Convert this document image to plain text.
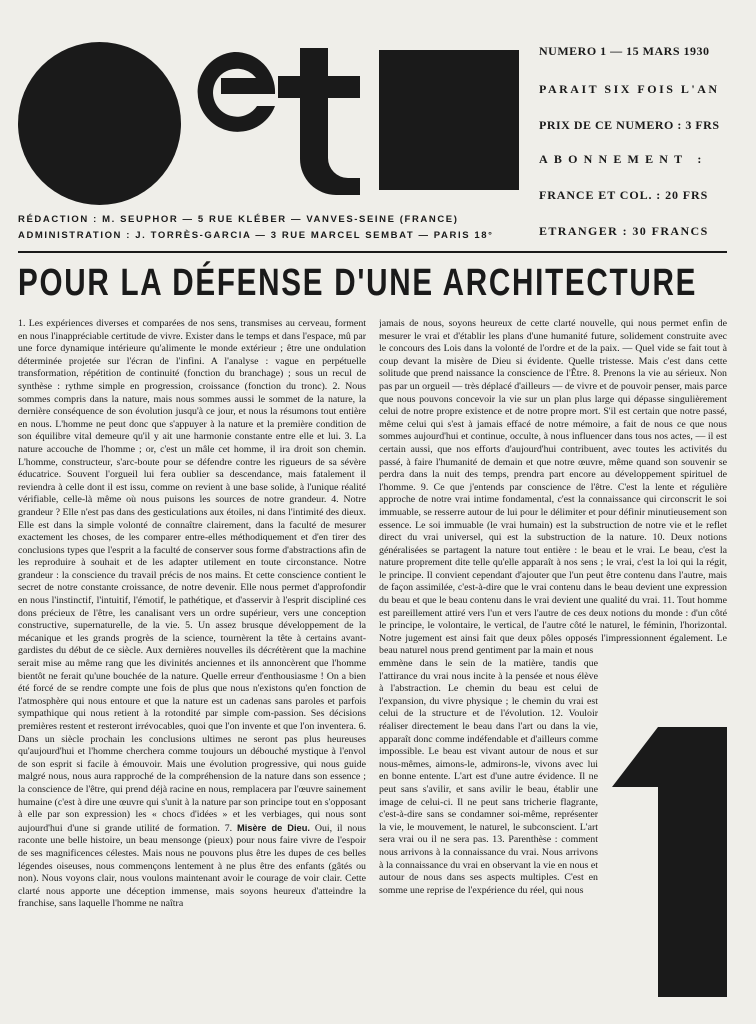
NUMERO 1 — 15 MARS 1930
PARAIT SIX FOIS L'AN
PRIX DE CE NUMERO : 3 FRS
ABONNEMENT :
FRANCE ET COL. : 20 FRS
ETRANGER : 30 FRANCS
RÉDACTION : M. SEUPHOR — 5 RUE KLÉBER — VANVES-SEINE (FRANCE)
ADMINISTRATION : J. TORRÈS-GARCIA — 3 RUE MARCEL SEMBAT — PARIS 18°
POUR LA DÉFENSE D'UNE ARCHITECTURE
1. Les expériences diverses et comparées de nos sens, transmises au cerveau, forment en nous l'inappréciable certitude de vivre. Exister dans le temps et dans l'espace, mû par une force dynamique intérieure qu'alimente le monde extérieur ; être une ondulation déterminée projetée sur l'écran de l'infini. A l'analyse : vague en perpétuelle transformation, répétition de continuité (fonction du branchage) ; sous un recul de synthèse : rythme simple en progression, croissance (fonction du tronc). 2. Nous sommes compris dans la nature, mais nous sommes aussi le sommet de la nature, la dernière conséquence de son évolution jusqu'à ce jour, et nous la résumons tout entière en nous. L'homme ne peut donc que s'appuyer à la nature et la première condition de son équilibre vital demeure qu'il y ait une harmonie constante entre elle et lui. 3. La nature accouche de l'homme ; or, c'est un mâle cet homme, il ira droit son chemin. L'homme, constructeur, s'arc-boute pour se défendre contre les rigueurs de sa sévère éducatrice. Souvent l'orgueil lui fera oublier sa descendance, mais fatalement il reviendra à celle dont il est issu, comme on revient à une base solide, à l'unique réalité vérifiable, celle-là même où nous puisons les sources de notre grandeur. 4. Notre grandeur ? Elle n'est pas dans des gesticulations aux étoiles, ni dans l'intimité des dieux. Elle est dans la simple volonté de connaître clairement, dans la faculté de mesurer exactement les choses, de les comparer entre-elles méthodiquement et d'en tirer des conclusions types que l'esprit a la faculté de conserver sous forme d'abstractions afin de les reproduire à souhait et de les adapter utilement en toute circonstance. Notre grandeur : la conscience du travail précis de nos mains. Et cette conscience contient le secret de notre constante croissance, de notre devenir. Elle nous permet d'approfondir en nous l'instinctif, l'intuitif, l'émotif, le pathétique, et d'asservir à l'esprit discipliné ces dons précieux de l'être, les canalisant vers un ordre supérieur, vers une conception constructive, supernaturelle, de la vie. 5. Un assez brusque développement de la mécanique et les grands progrès de la science, tournèrent la tête à certains avant-gardistes du début de ce siècle. Aux dernières nouvelles ils décrétèrent que la machine serait mise au même rang que les divinités anciennes et ils annoncèrent que l'homme bientôt ne ferait qu'une bouchée de la nature. Quelle erreur d'enthousiasme ! On a bien été forcé de se rendre compte une fois de plus que nous n'existons qu'en fonction de l'atmosphère qui nous entoure et que la nature est un cadenas sans paroles et parfois sympathique qui nous retient à la rotondité par simple com-passion. Ses décisions premières restent et resteront irrévocables, quoi que l'on invente et que l'on inventera. 6. Dans un siècle prochain les conclusions ultimes ne seront pas plus heureuses qu'aujourd'hui et l'homme cherchera comme toujours un débouché mystique à l'envol de son esprit si facile à émouvoir. Mais une évolution progressive, qui nous guide malgré nous, nous aura rapproché de la compréhension de la nature dans son essence ; la conscience de l'être, qui prend déjà racine en nous, remplacera par l'œuvre sainement humaine (c'est à dire une œuvre qui s'unit à la nature par son principe tout en s'opposant à elle par son expression) les « chocs d'idées » et les verbiages, qui nous sont aujourd'hui d'une si grande utilité de formation. 7. Misère de Dieu. Oui, il nous raconte une belle histoire, un beau mensonge (pieux) pour nous faire vivre de l'espoir de ses magnificences célestes. Mais nous ne pouvons plus être les dupes de ces belles légendes oiseuses, nous commençons lentement à ne plus être des enfants (gâtés ou non). Nous voyons clair, nous voulons maintenant avoir le courage de voir clair. Cette clarté nous apporte une déception immense, mais soyons heureux d'atteindre la franchise, sans laquelle l'homme ne naîtra
jamais de nous, soyons heureux de cette clarté nouvelle, qui nous permet enfin de mesurer le vrai et d'établir les plans d'une humanité future, solidement construite avec le concours des Lois dans la volonté de l'ordre et de la paix. — Quel vide se fait tout à coup devant la misère de Dieu si évidente. Quelle tristesse. Mais c'est dans cette solitude que prend naissance la conscience de l'Être. 8. Prenons la vie au sérieux. Non pas par un orgueil — très déplacé d'ailleurs — de vivre et de pouvoir penser, mais parce que nous pouvons concevoir la vie sur un plan plus large qui dépasse singulièrement celui de notre propre existence et de notre propre mort. S'il est certain que notre passé, même celui qui s'est à jamais effacé de notre mémoire, a fait de nous ce que nous sommes aujourd'hui et continue, occulte, à nous influencer dans tous nos actes, — il est certain aussi, que nos efforts d'aujourd'hui contribuent, avec toutes les activités du passé, à faire l'humanité de demain et que notre œuvre, même quand son souvenir se perdra dans la nuit des temps, prendra part encore au développement spirituel de l'homme. 9. Ce que j'entends par conscience de l'être. C'est la lente et régulière approche de notre vrai intime fondamental, c'est la connaissance qui circonscrit le soi immuable, se resserre autour de lui pour le délimiter et pour définir minutieusement son essence. Le soi immuable (le vrai humain) est la substruction de notre vie et le reflet direct du vrai universel, qui est la substruction de la nature. 10. Deux notions généralisées se partagent la nature tout entière : le beau et le vrai. Le beau, c'est la nature proprement dite telle qu'elle apparaît à nos sens ; le vrai, c'est la loi qui la régit, le principe. Il convient cependant d'ajouter que l'un peut être contenu dans l'autre, mais de façon assimilée, c'est-à-dire que le vrai contenu dans le beau devient une expression du beau et que le beau contenu dans le vrai devient une qualité du vrai. 11. Tout homme est pareillement attiré vers l'un et vers l'autre de ces deux notions du monde : d'un côté le principe, le volontaire, le vertical, de l'autre côté le naturel, le féminin, l'horizontal. Notre jugement est ainsi fait que deux pôles opposés l'impressionnent également. Le beau naturel nous prend gentiment par la main et nous
emmène dans le sein de la matière, tandis que l'attirance du vrai nous incite à la pensée et nous élève à l'abstraction. Le chemin du beau est celui de l'expansion, du vivre physique ; le chemin du vrai est celui de la structure et de l'évolution. 12. Vouloir réaliser directement le beau dans l'art ou dans la vie, apparaît donc comme indéfendable et d'ailleurs comme impossible. Le beau est vivant autour de nous et sur nous-mêmes, aimons-le, admirons-le, vivons avec lui en bonne entente. L'art est d'une autre évidence. Il ne peut sans s'avilir, et sans avilir le beau, établir une image de celui-ci. Il ne peut sans tricherie flagrante, c'est-à-dire sans se condamner soi-même, représenter la vie, le mouvement, le naturel, le subconscient. L'art sera vrai ou il ne sera pas. 13. Parenthèse : comment nous arrivons à la connaissance du vrai. Nous arrivons à la connaissance du vrai en observant la vie en nous et autour de nous dans ses aspects multiples. C'est en somme une reprise de l'expérience du réel, qui nous
